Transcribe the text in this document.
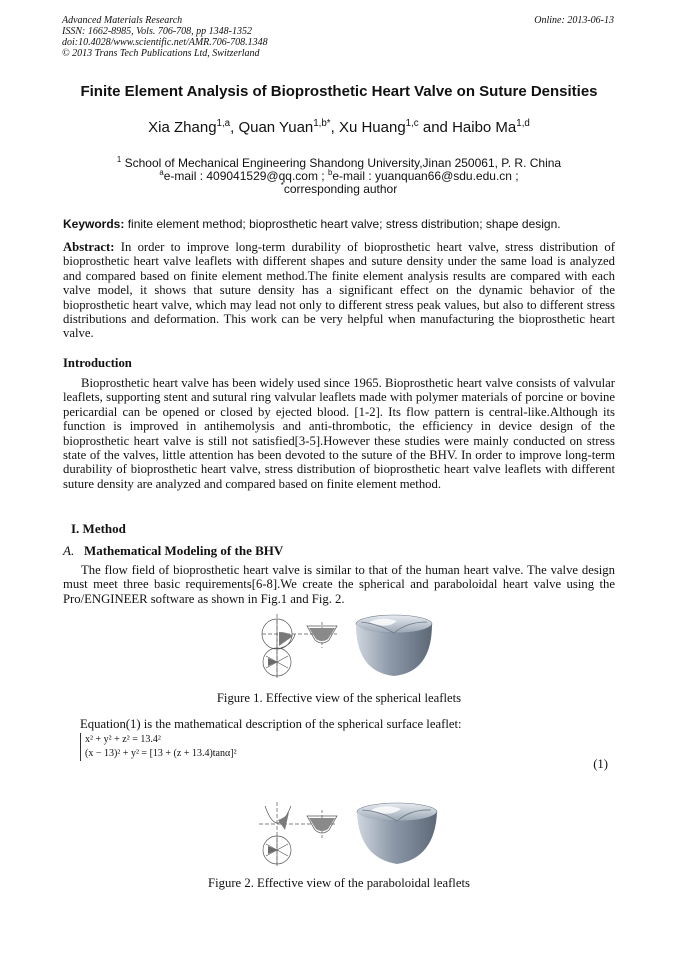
Advanced Materials Research
ISSN: 1662-8985, Vols. 706-708, pp 1348-1352
doi:10.4028/www.scientific.net/AMR.706-708.1348
© 2013 Trans Tech Publications Ltd, Switzerland
Online: 2013-06-13
Finite Element Analysis of Bioprosthetic Heart Valve on Suture Densities
Xia Zhang$^{1,a}$, Quan Yuan$^{1,b*}$, Xu Huang$^{1,c}$ and Haibo Ma$^{1,d}$
$^1$ School of Mechanical Engineering Shandong University,Jinan 250061, P. R. China
$^a$e-mail : 409041529@qq.com ; $^b$e-mail : yuanquan66@sdu.edu.cn ;
*corresponding author
Keywords: finite element method; bioprosthetic heart valve; stress distribution; shape design.
Abstract: In order to improve long-term durability of bioprosthetic heart valve, stress distribution of bioprosthetic heart valve leaflets with different shapes and suture density under the same load is analyzed and compared based on finite element method.The finite element analysis results are compared with each valve model, it shows that suture density has a significant effect on the dynamic behavior of the bioprosthetic heart valve, which may lead not only to different stress peak values, but also to different stress distributions and deformation. This work can be very helpful when manufacturing the bioprosthetic heart valve.
Introduction
Bioprosthetic heart valve has been widely used since 1965. Bioprosthetic heart valve consists of valvular leaflets, supporting stent and sutural ring valvular leaflets made with polymer materials of porcine or bovine pericardial can be opened or closed by ejected blood. [1-2]. Its flow pattern is central-like.Although its function is improved in antihemolysis and anti-thrombotic, the efficiency in device design of the bioprosthetic heart valve is still not satisfied[3-5].However these studies were mainly conducted on stress state of the valves, little attention has been devoted to the suture of the BHV. In order to improve long-term durability of bioprosthetic heart valve, stress distribution of bioprosthetic heart valve leaflets with different suture density are analyzed and compared based on finite element method.
I. Method
A. Mathematical Modeling of the BHV
The flow field of bioprosthetic heart valve is similar to that of the human heart valve. The valve design must meet three basic requirements[6-8].We create the spherical and paraboloidal heart valve using the Pro/ENGINEER software as shown in Fig.1 and Fig. 2.
Figure 1. Effective view of the spherical leaflets
Equation(1) is the mathematical description of the spherical surface leaflet:
x² + y² + z² = 13.4²
(x − 13)² + y² = [13 + (z + 13.4)tanα]²
(1)
Figure 2. Effective view of the paraboloidal leaflets
